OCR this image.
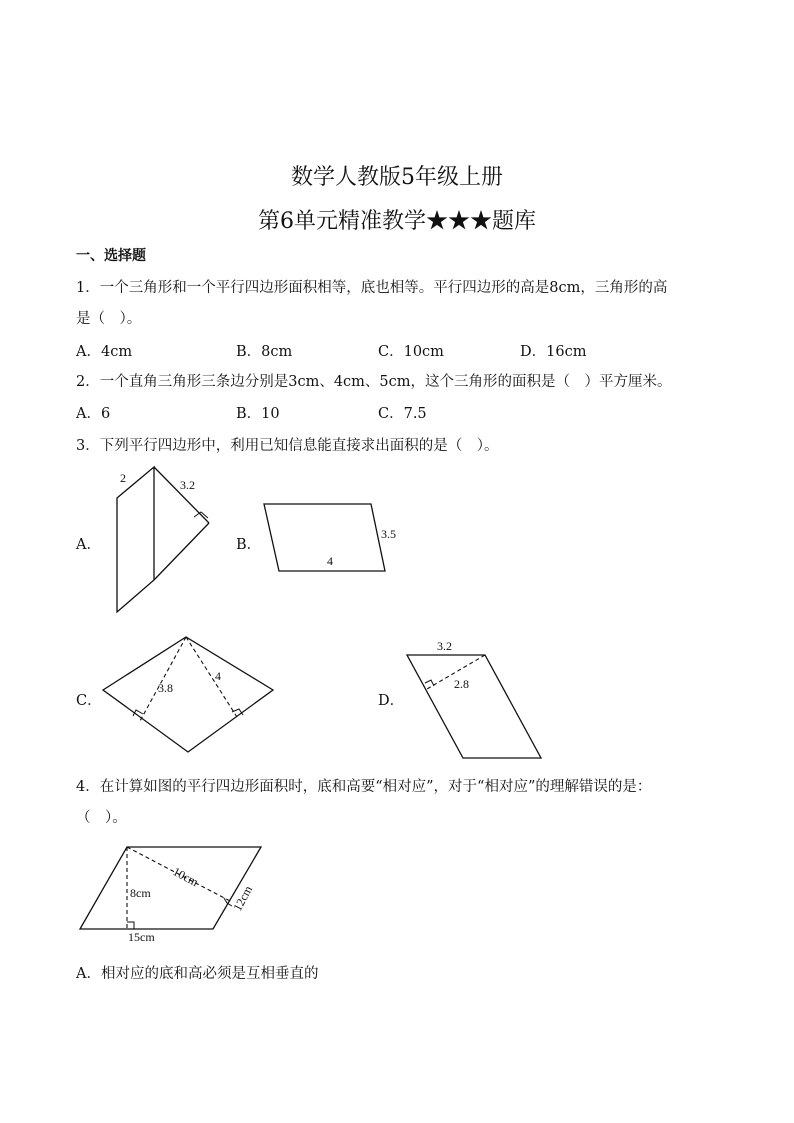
数学人教版5年级上册
第6单元精准教学★★★题库
一、选择题
1．一个三角形和一个平行四边形面积相等，底也相等。平行四边形的高是8cm，三角形的高
是（　）。
A．4cm	B．8cm	C．10cm	D．16cm
2．一个直角三角形三条边分别是3cm、4cm、5cm，这个三角形的面积是（　）平方厘米。
A．6	B．10	C．7.5
3．下列平行四边形中，利用已知信息能直接求出面积的是（　）。
A．	B．
C．	D．
2	3.2
3.5
4
3.8
4
3.2
2.8
4．在计算如图的平行四边形面积时，底和高要“相对应”，对于“相对应”的理解错误的是：
（　）。
8cm
10cm
12cm
15cm
A．相对应的底和高必须是互相垂直的
